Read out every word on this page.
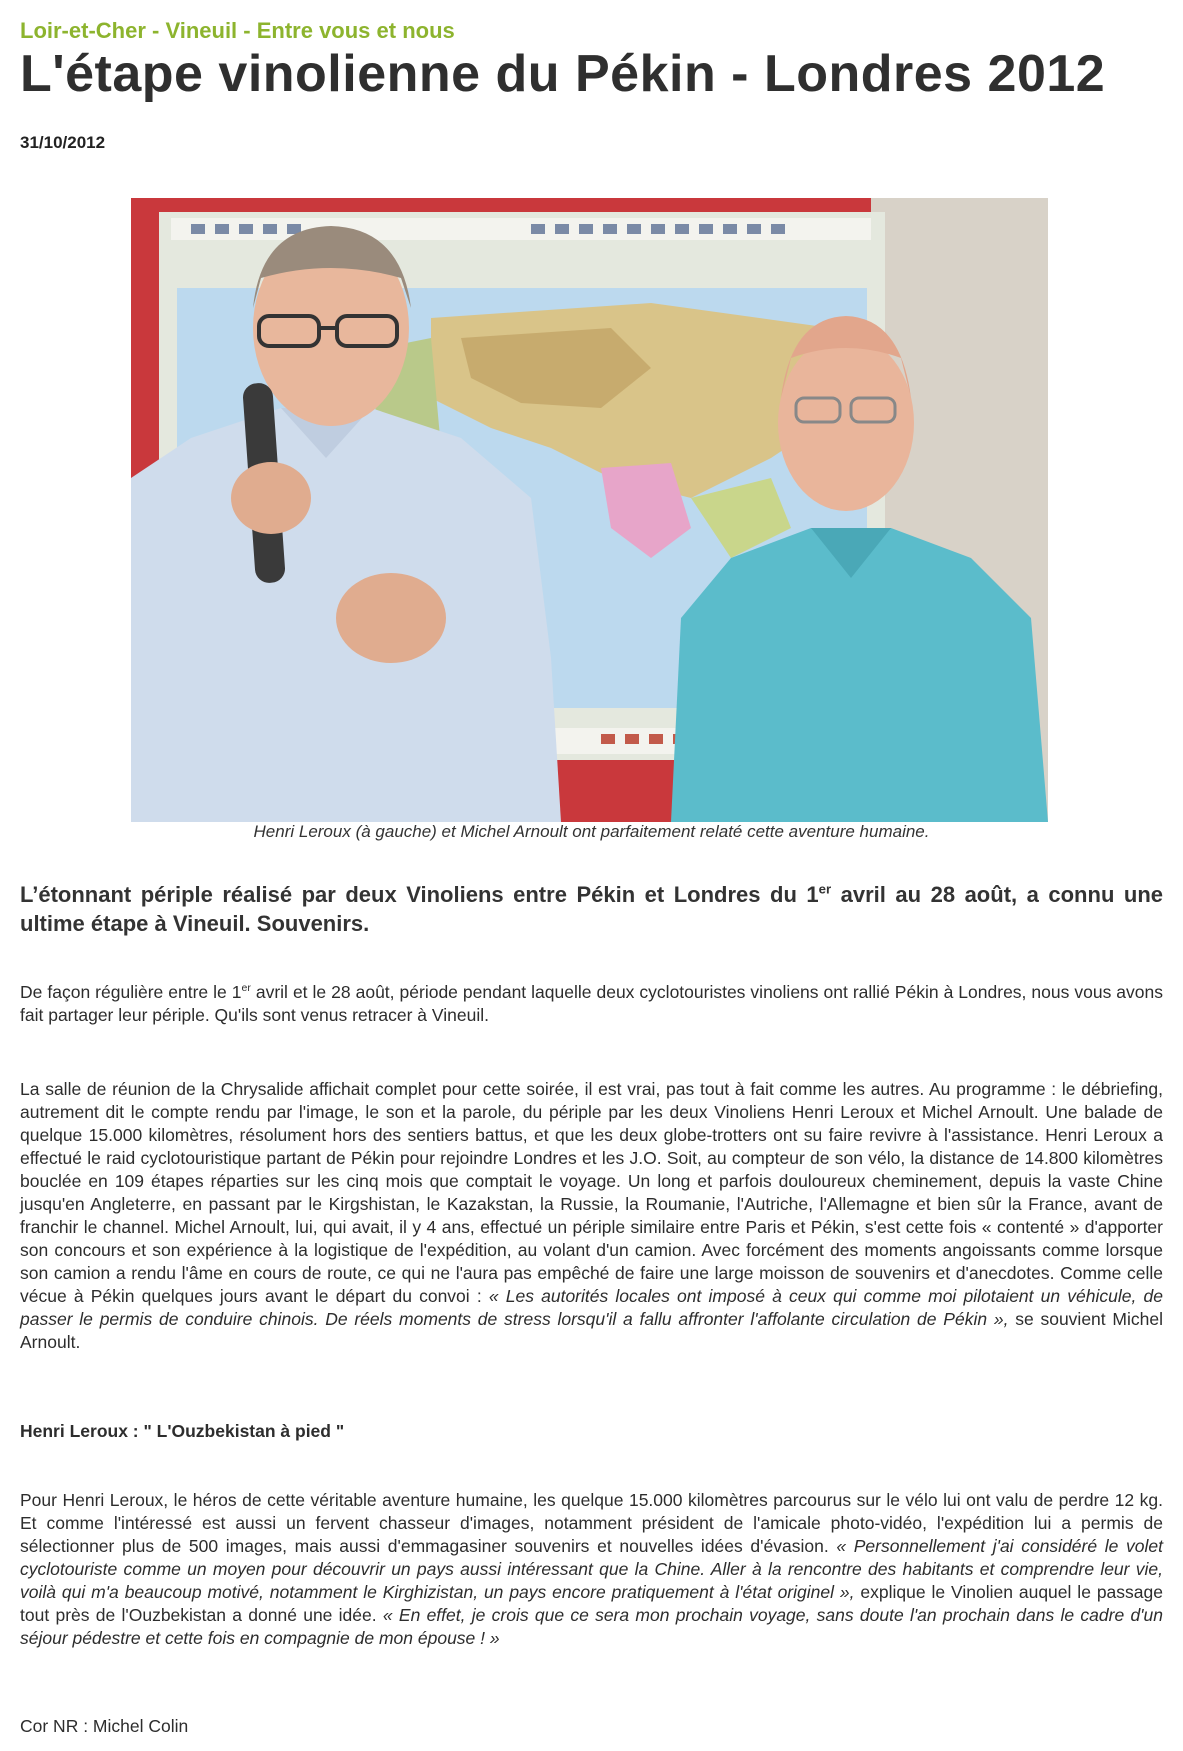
Loir-et-Cher - Vineuil - Entre vous et nous
L'étape vinolienne du Pékin - Londres 2012
31/10/2012
Henri Leroux (à gauche) et Michel Arnoult ont parfaitement relaté cette aventure humaine.

L’étonnant périple réalisé par deux Vinoliens entre Pékin et Londres du 1er avril au 28 août, a connu une ultime étape à Vineuil. Souvenirs.

De façon régulière entre le 1er avril et le 28 août, période pendant laquelle deux cyclotouristes vinoliens ont rallié Pékin à Londres, nous vous avons fait partager leur périple. Qu'ils sont venus retracer à Vineuil.

La salle de réunion de la Chrysalide affichait complet pour cette soirée, il est vrai, pas tout à fait comme les autres. Au programme : le débriefing, autrement dit le compte rendu par l'image, le son et la parole, du périple par les deux Vinoliens Henri Leroux et Michel Arnoult. Une balade de quelque 15.000 kilomètres, résolument hors des sentiers battus, et que les deux globe-trotters ont su faire revivre à l'assistance. Henri Leroux a effectué le raid cyclotouristique partant de Pékin pour rejoindre Londres et les J.O. Soit, au compteur de son vélo, la distance de 14.800 kilomètres bouclée en 109 étapes réparties sur les cinq mois que comptait le voyage. Un long et parfois douloureux cheminement, depuis la vaste Chine jusqu'en Angleterre, en passant par le Kirgshistan, le Kazakstan, la Russie, la Roumanie, l'Autriche, l'Allemagne et bien sûr la France, avant de franchir le channel. Michel Arnoult, lui, qui avait, il y 4 ans, effectué un périple similaire entre Paris et Pékin, s'est cette fois « contenté » d'apporter son concours et son expérience à la logistique de l'expédition, au volant d'un camion. Avec forcément des moments angoissants comme lorsque son camion a rendu l'âme en cours de route, ce qui ne l'aura pas empêché de faire une large moisson de souvenirs et d'anecdotes. Comme celle vécue à Pékin quelques jours avant le départ du convoi : « Les autorités locales ont imposé à ceux qui comme moi pilotaient un véhicule, de passer le permis de conduire chinois. De réels moments de stress lorsqu'il a fallu affronter l'affolante circulation de Pékin », se souvient Michel Arnoult.

Henri Leroux : " L'Ouzbekistan à pied "

Pour Henri Leroux, le héros de cette véritable aventure humaine, les quelque 15.000 kilomètres parcourus sur le vélo lui ont valu de perdre 12 kg. Et comme l'intéressé est aussi un fervent chasseur d'images, notamment président de l'amicale photo-vidéo, l'expédition lui a permis de sélectionner plus de 500 images, mais aussi d'emmagasiner souvenirs et nouvelles idées d'évasion. « Personnellement j'ai considéré le volet cyclotouriste comme un moyen pour découvrir un pays aussi intéressant que la Chine. Aller à la rencontre des habitants et comprendre leur vie, voilà qui m'a beaucoup motivé, notamment le Kirghizistan, un pays encore pratiquement à l'état originel », explique le Vinolien auquel le passage tout près de l'Ouzbekistan a donné une idée. « En effet, je crois que ce sera mon prochain voyage, sans doute l'an prochain dans le cadre d'un séjour pédestre et cette fois en compagnie de mon épouse ! »

Cor NR : Michel Colin
